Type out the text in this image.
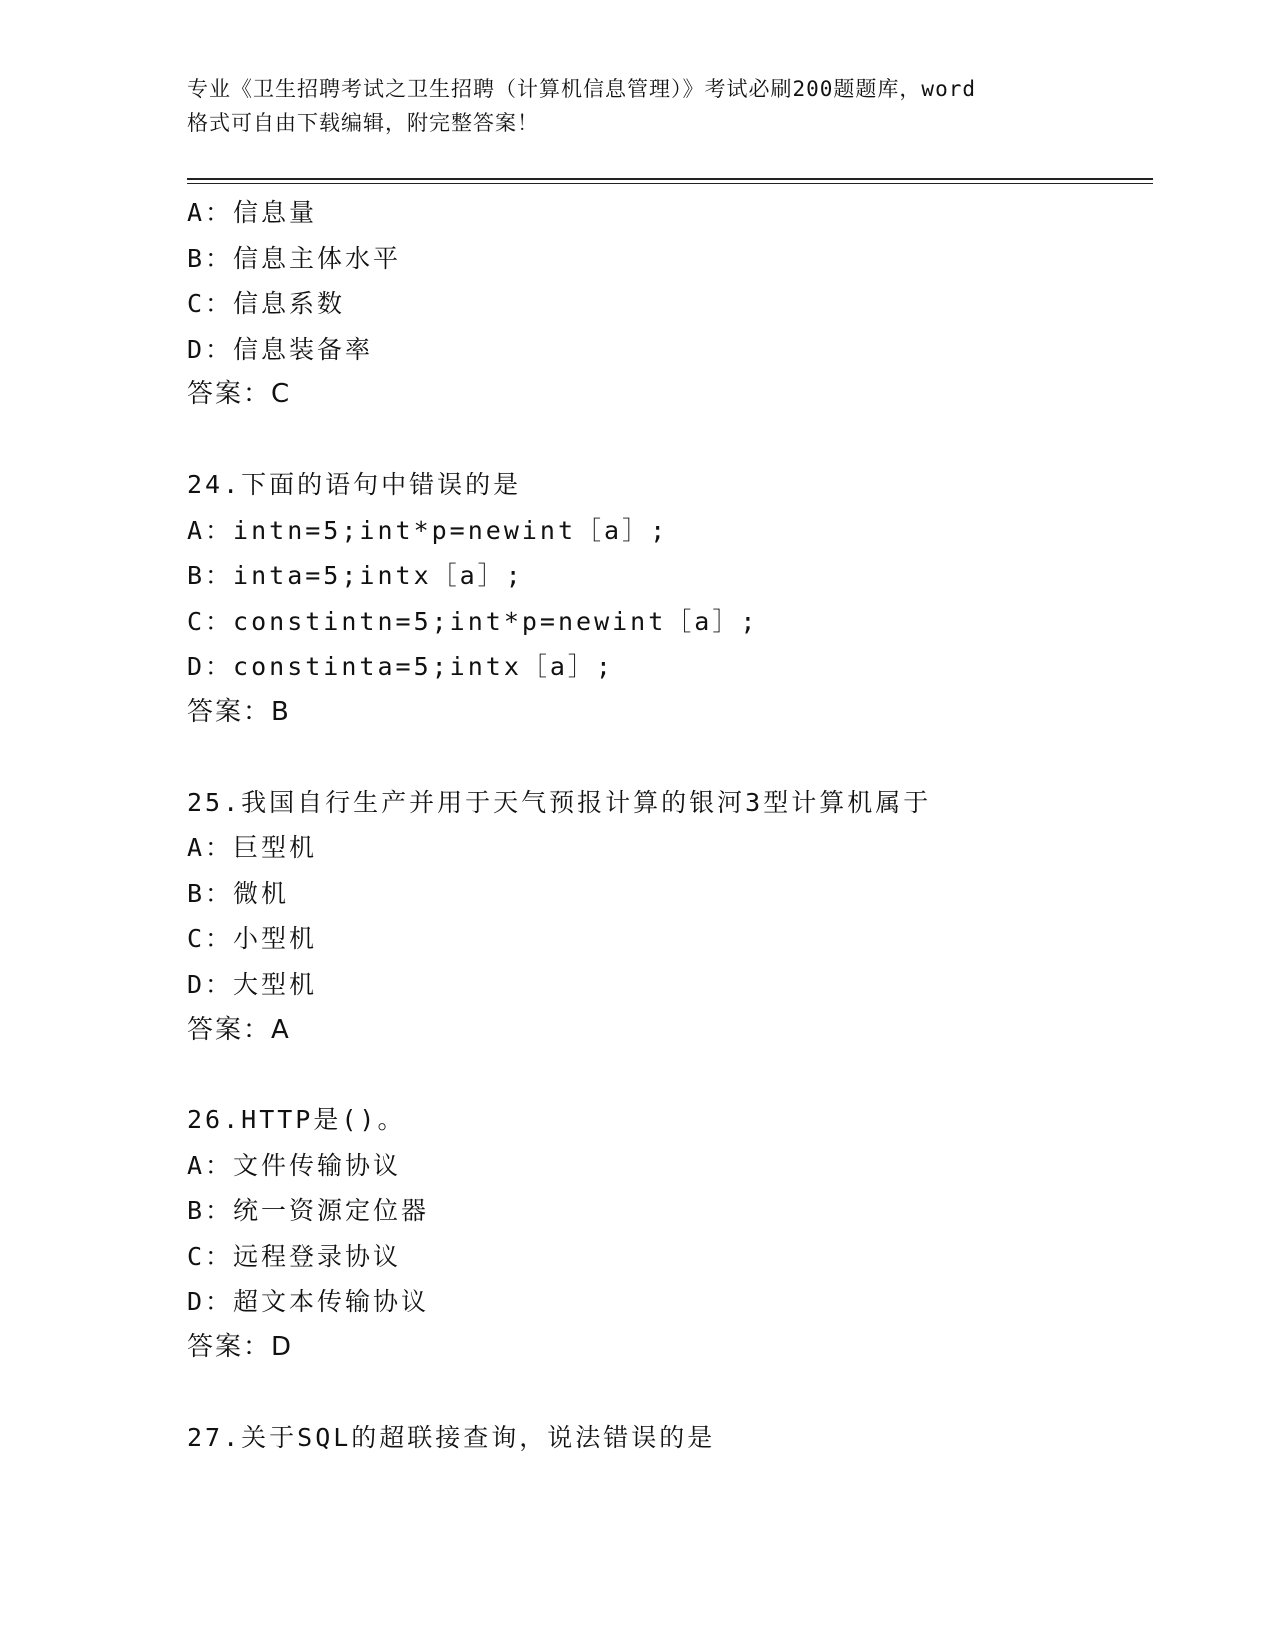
专业《卫生招聘考试之卫生招聘（计算机信息管理）》考试必刷200题题库，word
格式可自由下载编辑，附完整答案！
A：信息量
B：信息主体水平
C：信息系数
D：信息装备率
答案：C
24.下面的语句中错误的是
A：intn=5;int*p=newint［a］;
B：inta=5;intx［a］;
C：constintn=5;int*p=newint［a］;
D：constinta=5;intx［a］;
答案：B
25.我国自行生产并用于天气预报计算的银河3型计算机属于
A：巨型机
B：微机
C：小型机
D：大型机
答案：A
26.HTTP是()。
A：文件传输协议
B：统一资源定位器
C：远程登录协议
D：超文本传输协议
答案：D
27.关于SQL的超联接查询，说法错误的是
